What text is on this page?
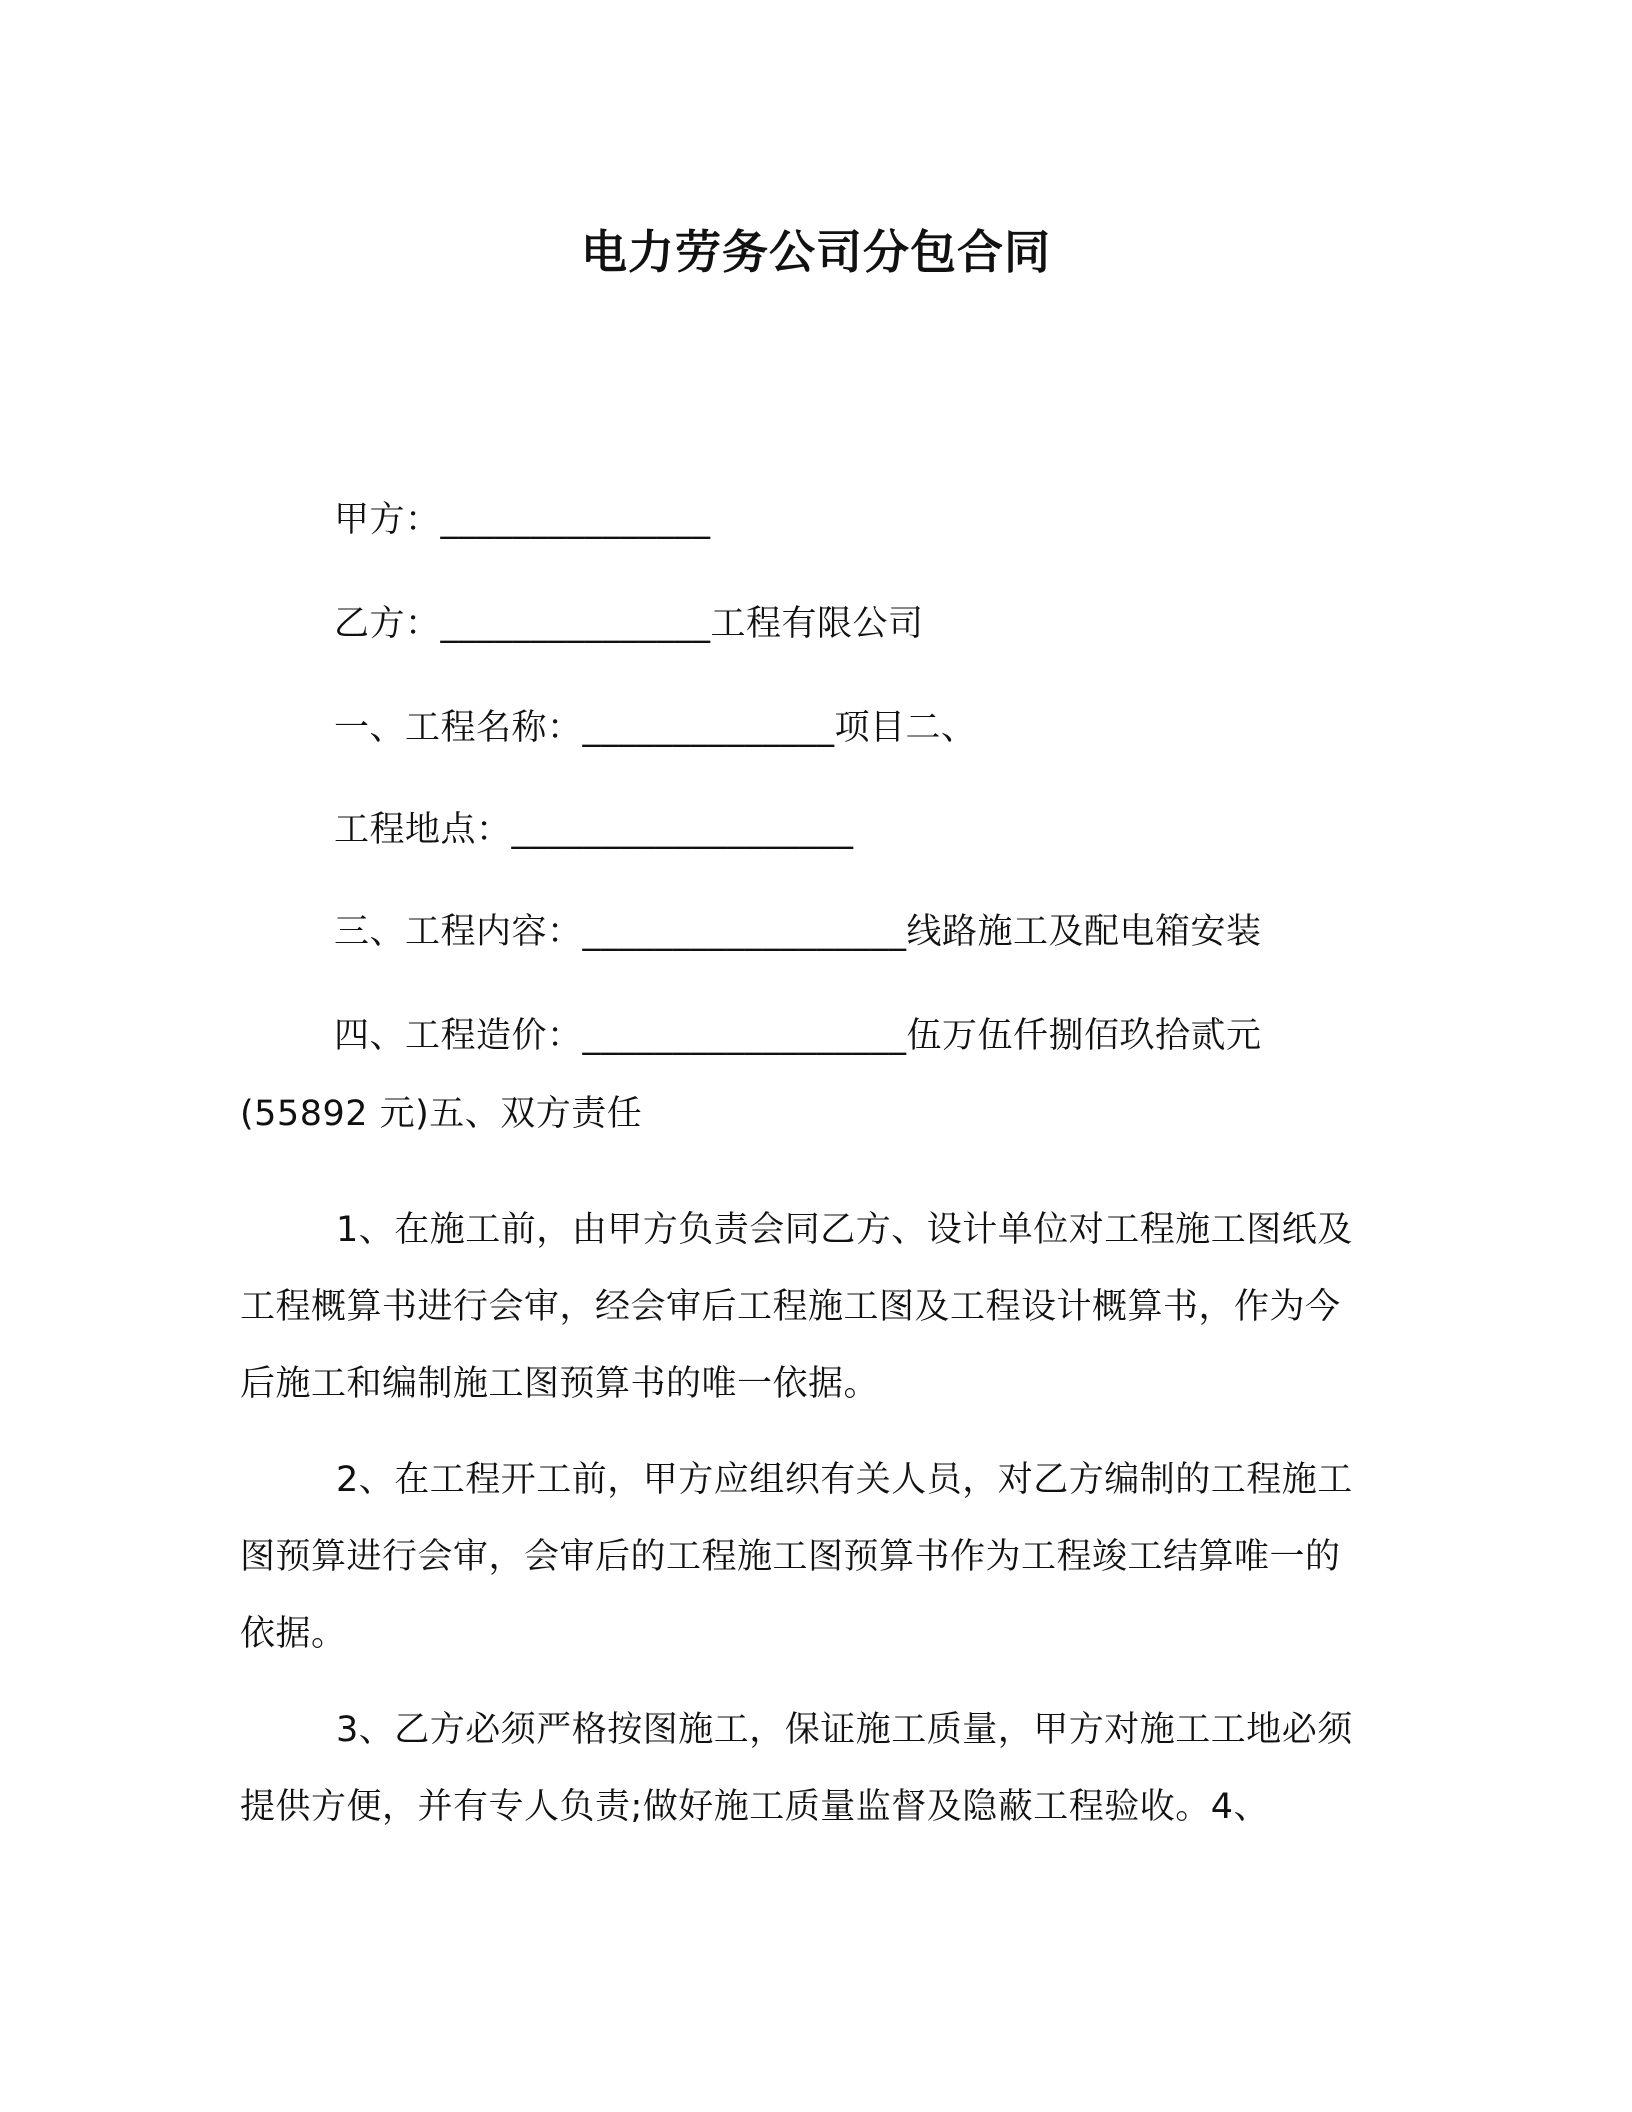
电力劳务公司分包合同
甲方：_______________
乙方：_______________工程有限公司
一、工程名称：______________项目二、
工程地点：___________________
三、工程内容：__________________线路施工及配电箱安装
四、工程造价：__________________伍万伍仟捌佰玖拾贰元
(55892 元)五、双方责任

1、在施工前，由甲方负责会同乙方、设计单位对工程施工图纸及工程概算书进行会审，经会审后工程施工图及工程设计概算书，作为今后施工和编制施工图预算书的唯一依据。

2、在工程开工前，甲方应组织有关人员，对乙方编制的工程施工图预算进行会审，会审后的工程施工图预算书作为工程竣工结算唯一的依据。

3、乙方必须严格按图施工，保证施工质量，甲方对施工工地必须提供方便，并有专人负责;做好施工质量监督及隐蔽工程验收。4、
